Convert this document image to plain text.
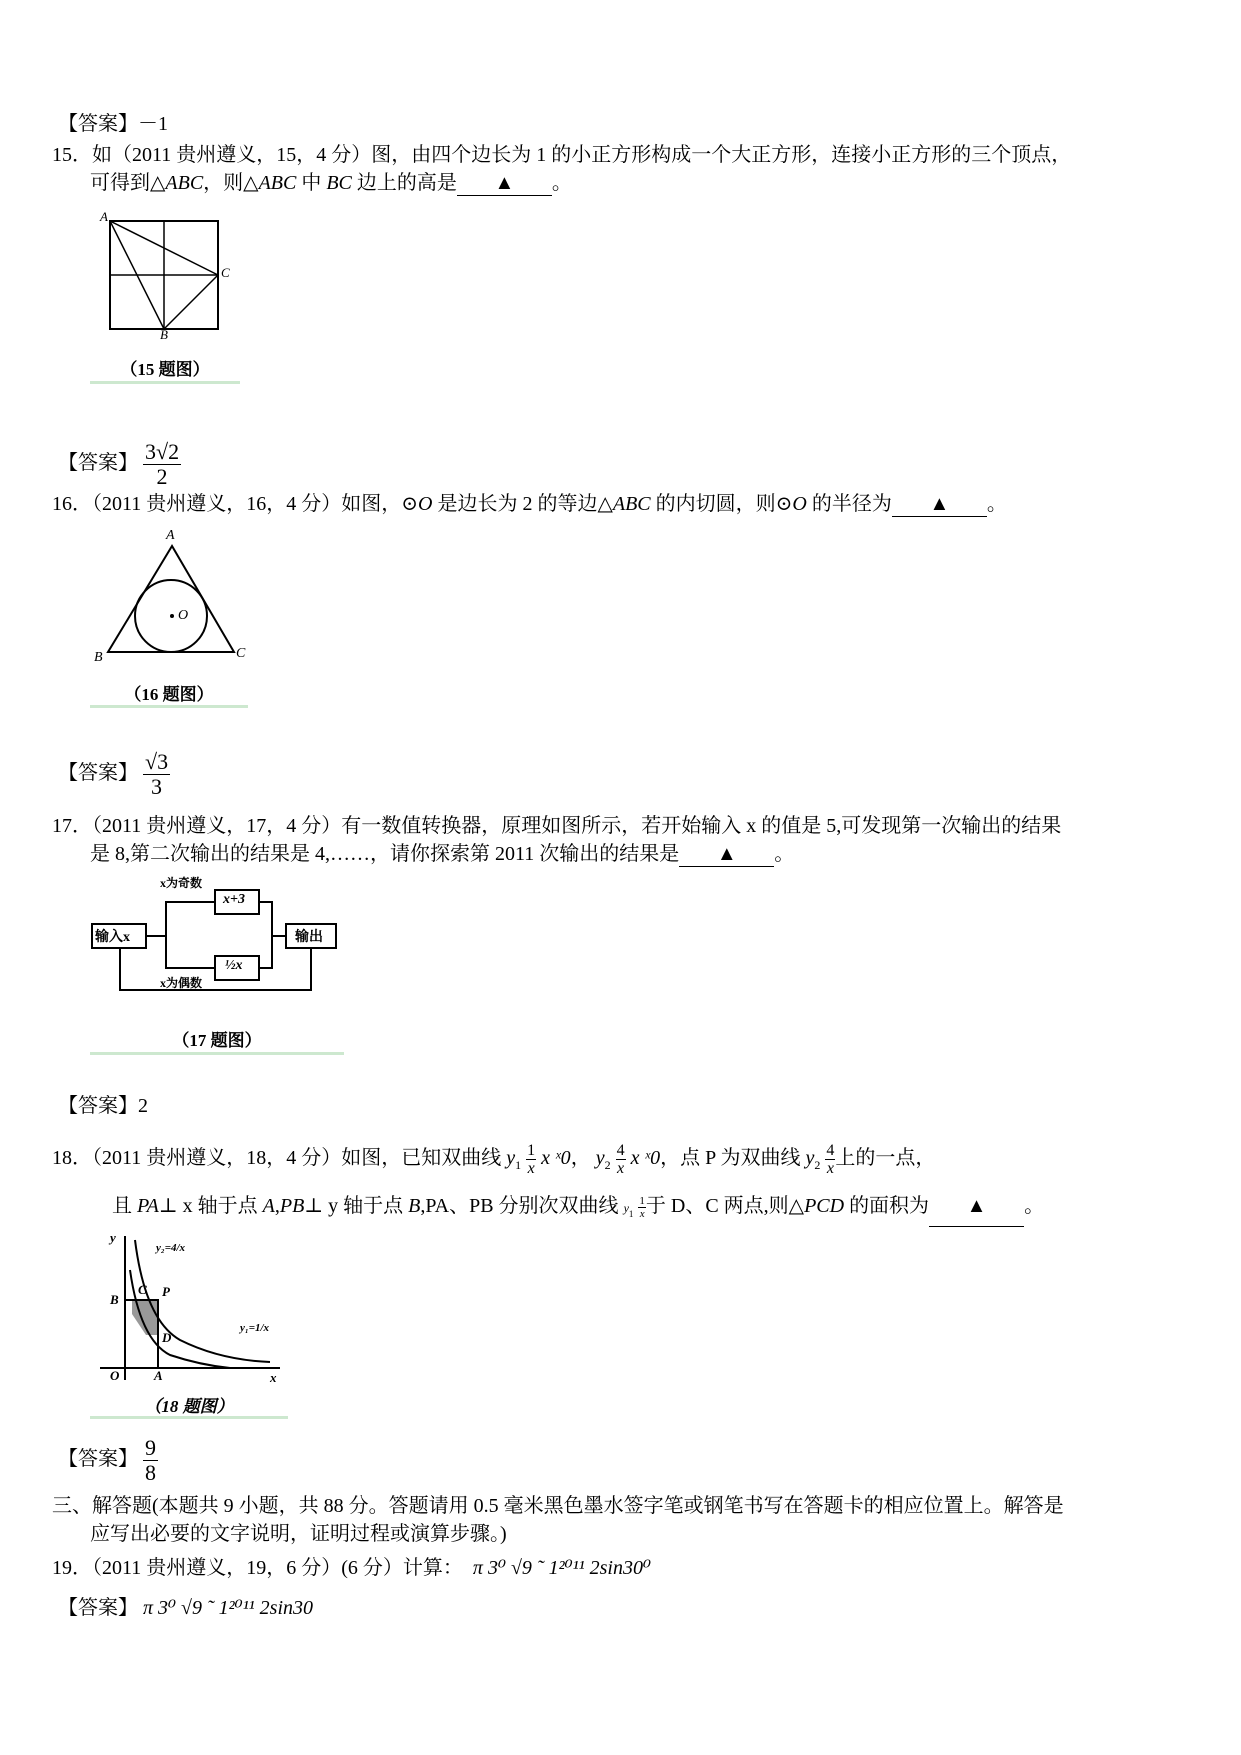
【答案】－1
15．如（2011 贵州遵义，15，4 分）图，由四个边长为 1 的小正方形构成一个大正方形，连接小正方形的三个顶点，
可得到△ABC，则△ABC 中 BC 边上的高是 ▲ 。
A
B
C
（15 题图）
【答案】 $\frac{3√2}{2}$
16．（2011 贵州遵义，16，4 分）如图，⊙O 是边长为 2 的等边△ABC 的内切圆，则⊙O 的半径为 ▲ 。
A
B	C
O
（16 题图）
【答案】 $\frac{√3}{3}$
17．（2011 贵州遵义，17，4 分）有一数值转换器，原理如图所示，若开始输入 x 的值是 5,可发现第一次输出的结果
是 8,第二次输出的结果是 4,……，请你探索第 2011 次输出的结果是 ▲ 。
输入x
x为奇数
x为偶数
x+3
½x
输出
（17 题图）
【答案】2
18．（2011 贵州遵义，18，4 分）如图，已知双曲线 $y_1 \frac{1}{x}$ x ˣ0， $y_2 \frac{4}{x}$ x ˣ0，点 P 为双曲线 $y_2 \frac{4}{x}$ 上的一点，
且 PA⊥ x 轴于点 A,PB⊥ y 轴于点 B,PA、PB 分别次双曲线 $y_1 \frac{1}{x}$ 于 D、C 两点,则△PCD 的面积为 ▲ 。
y
x
O	A
B
C P
D
y₂=4/x
y₁=1/x
（18 题图）
【答案】 $\frac{9}{8}$
三、解答题(本题共 9 小题，共 88 分。答题请用 0.5 毫米黑色墨水签字笔或钢笔书写在答题卡的相应位置上。解答是
应写出必要的文字说明，证明过程或演算步骤。)
19．（2011 贵州遵义，19，6 分）(6 分）计算： π 3⁰ √9 ˜ 1²⁰¹¹ 2sin30⁰
【答案】 π 3⁰ √9 ˜ 1²⁰¹¹ 2sin30
